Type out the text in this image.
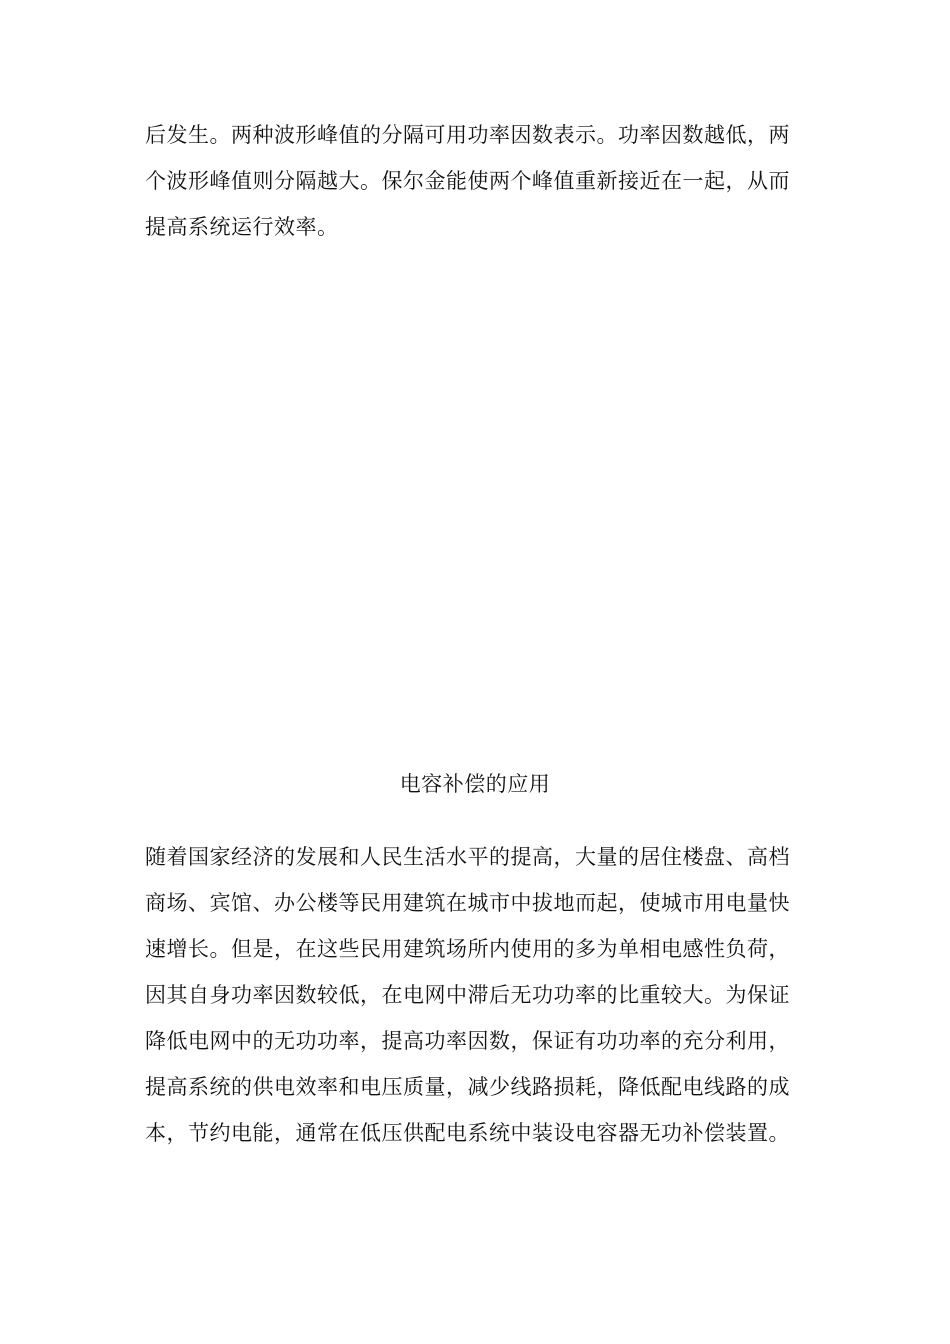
后发生。两种波形峰值的分隔可用功率因数表示。功率因数越低，两
个波形峰值则分隔越大。保尔金能使两个峰值重新接近在一起，从而
提高系统运行效率。

电容补偿的应用

随着国家经济的发展和人民生活水平的提高，大量的居住楼盘、高档
商场、宾馆、办公楼等民用建筑在城市中拔地而起，使城市用电量快
速增长。但是，在这些民用建筑场所内使用的多为单相电感性负荷，
因其自身功率因数较低，在电网中滞后无功功率的比重较大。为保证
降低电网中的无功功率，提高功率因数，保证有功功率的充分利用，
提高系统的供电效率和电压质量，减少线路损耗，降低配电线路的成
本，节约电能，通常在低压供配电系统中装设电容器无功补偿装置。
